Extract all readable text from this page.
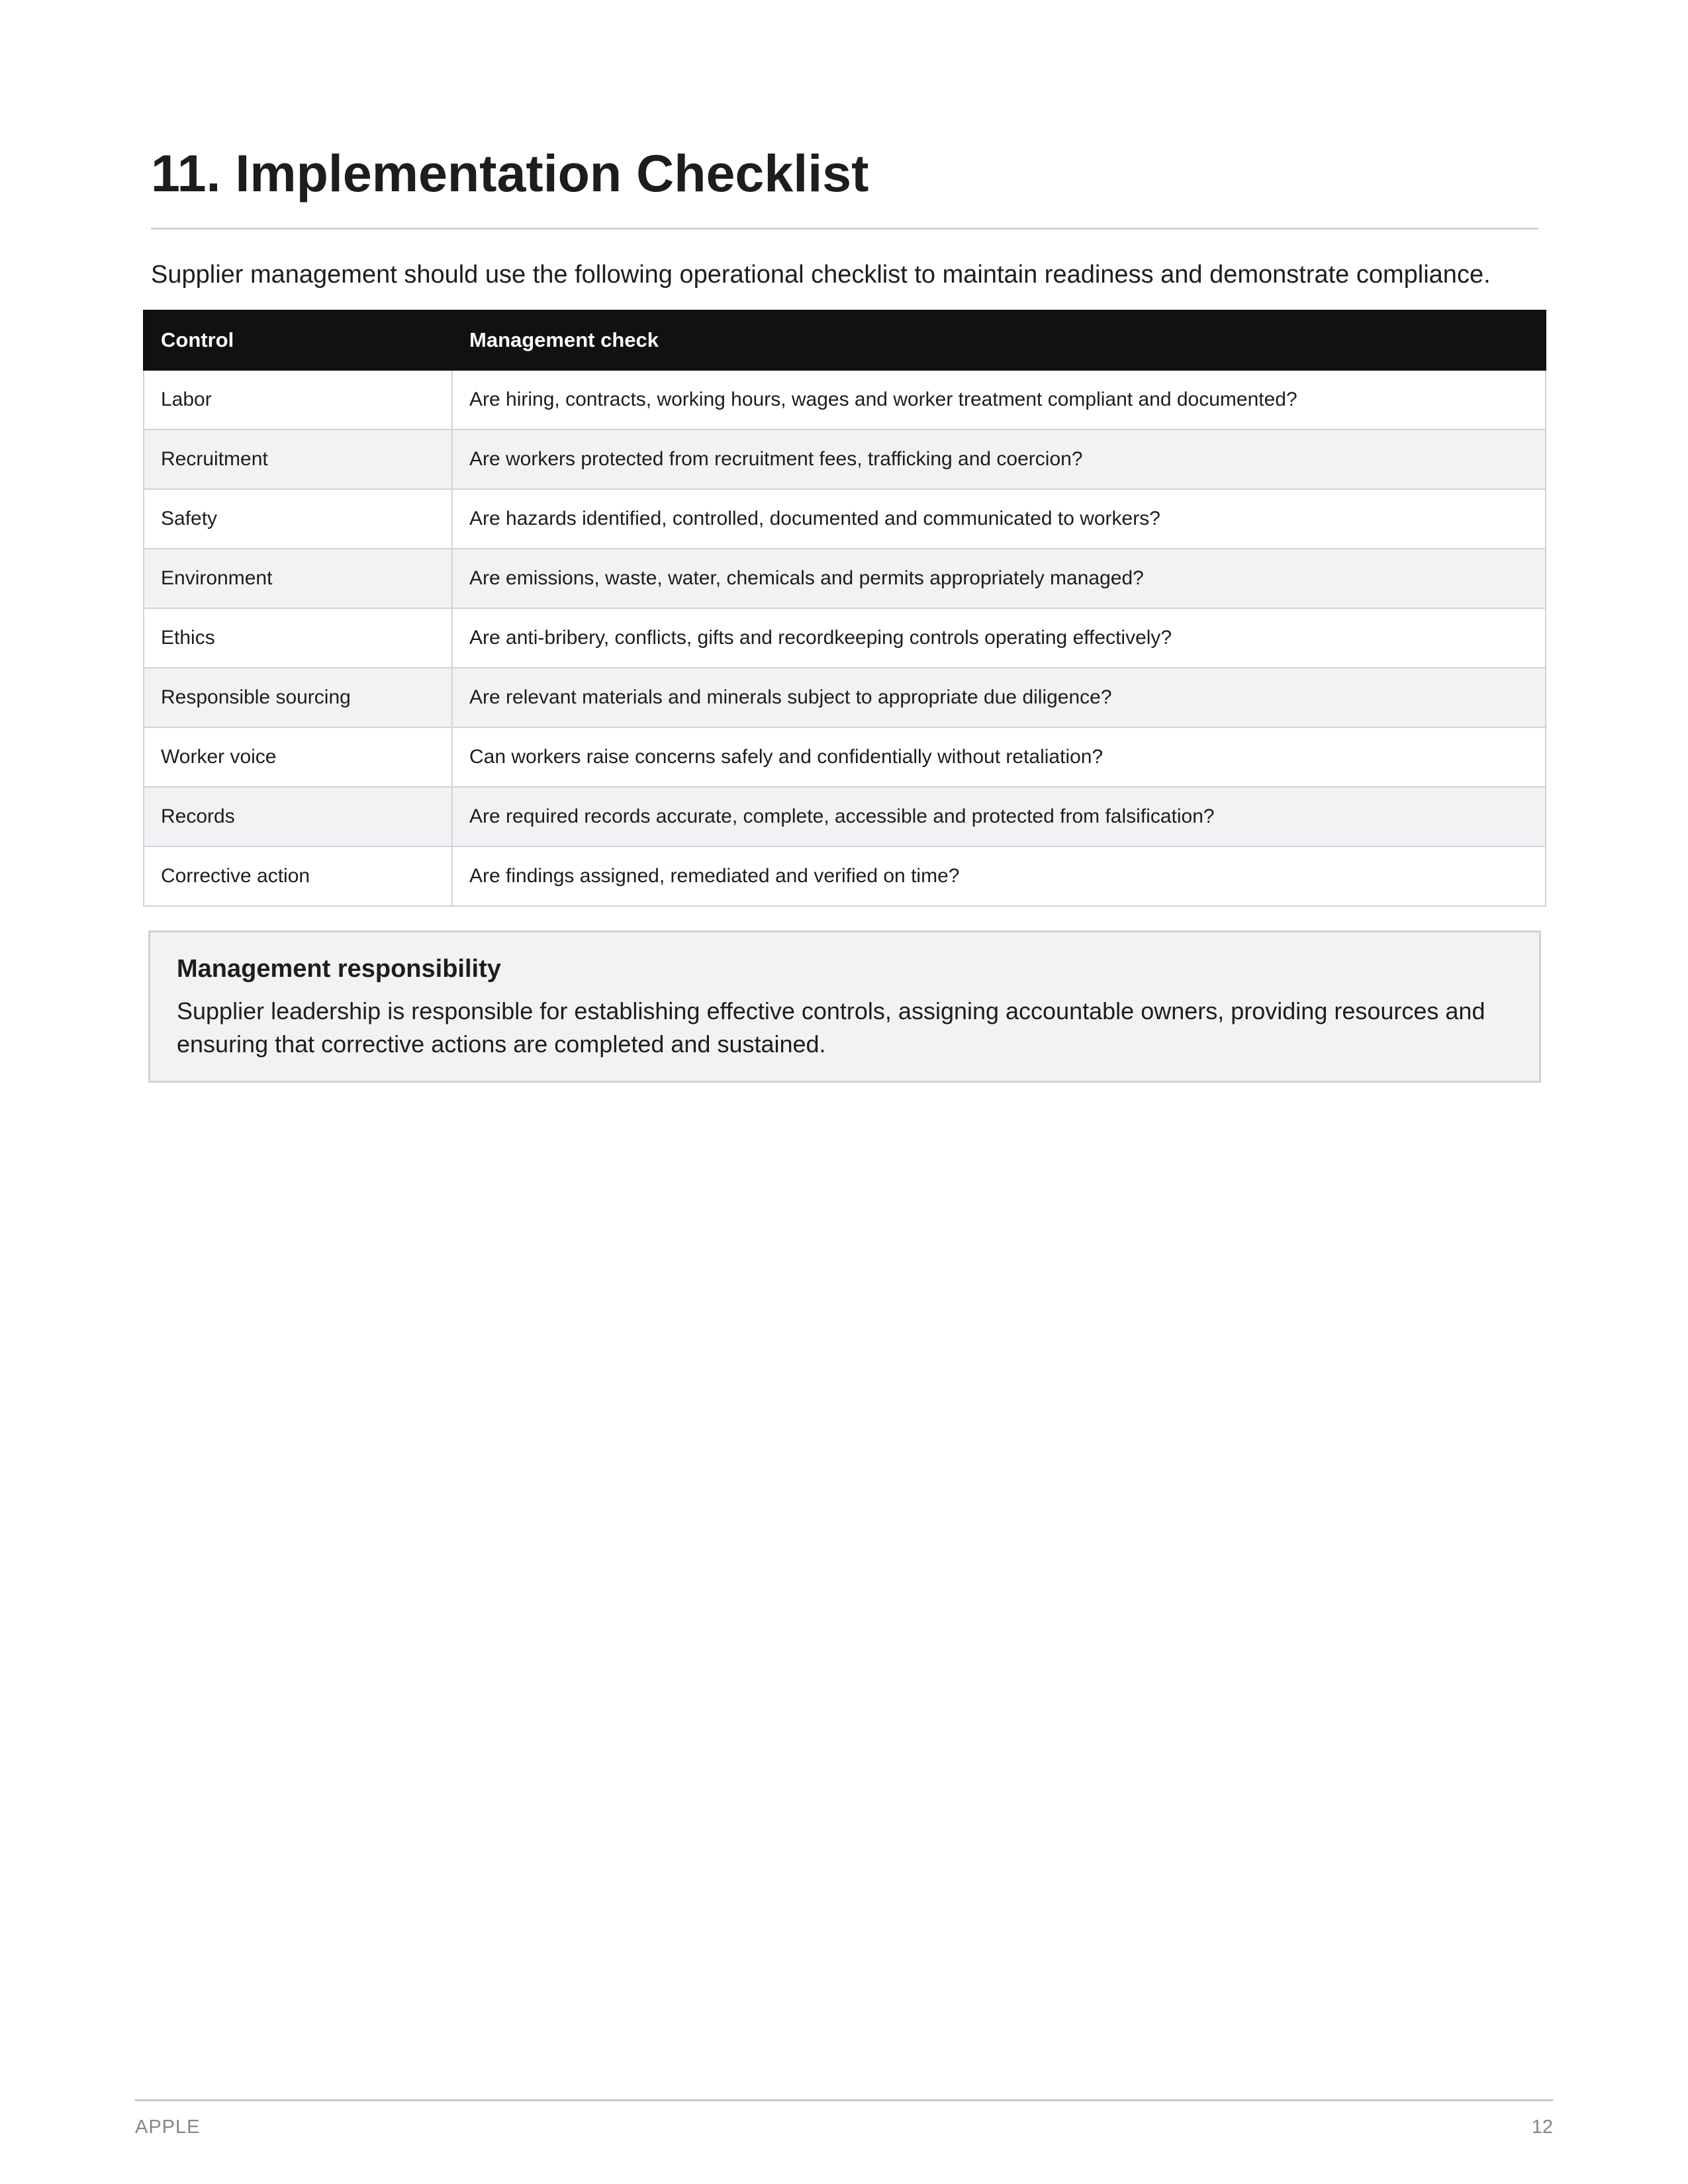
11. Implementation Checklist

Supplier management should use the following operational checklist to maintain readiness and demonstrate compliance.

Control	Management check
Labor	Are hiring, contracts, working hours, wages and worker treatment compliant and documented?
Recruitment	Are workers protected from recruitment fees, trafficking and coercion?
Safety	Are hazards identified, controlled, documented and communicated to workers?
Environment	Are emissions, waste, water, chemicals and permits appropriately managed?
Ethics	Are anti-bribery, conflicts, gifts and recordkeeping controls operating effectively?
Responsible sourcing	Are relevant materials and minerals subject to appropriate due diligence?
Worker voice	Can workers raise concerns safely and confidentially without retaliation?
Records	Are required records accurate, complete, accessible and protected from falsification?
Corrective action	Are findings assigned, remediated and verified on time?
Management responsibility

Supplier leadership is responsible for establishing effective controls, assigning accountable owners, providing resources and ensuring that corrective actions are completed and sustained.

APPLE	12
